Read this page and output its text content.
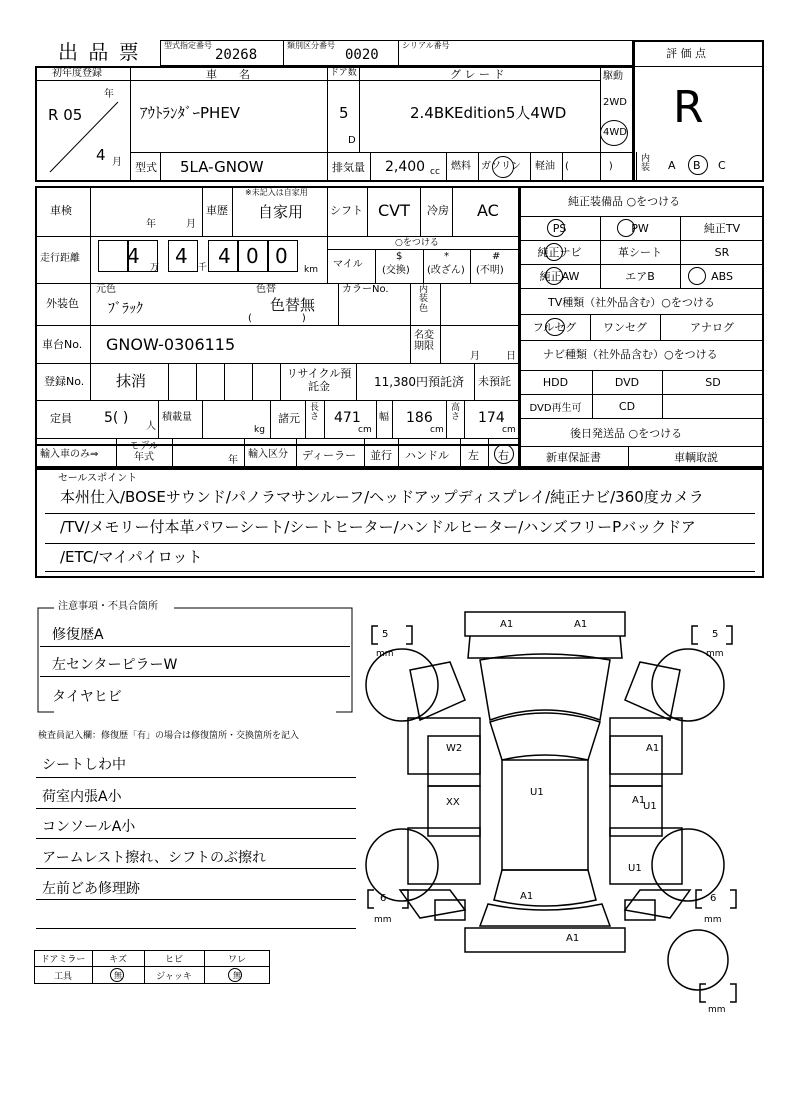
出 品 票	型式指定番号
20268
類別区分番号
0020
シリアル番号
評 価 点
R
初年度登録
R 05
年
4 月
車　　名
ｱｳﾄﾗﾝﾀﾞｰPHEV
ドア数
5
D
グ レ ー ド
2.4BKEdition5人4WD
駆動
2WD
4WD
型式 5LA-GNOW	排気量 2,400 cc 燃料 ガソリン 軽油 (　　　　)
内装 A B C
車検
年	月
車歴
※未記入は自家用
自家用 シフト CVT 冷房 AC
走行距離 4 万 4 千 4 0 0
km
○をつける
マイル
$
(交換)
*
(改ざん)
#
(不明)
外装色
元色
ﾌﾞﾗｯｸ
色替
色替無
(　　　　　)
カラーNo.	内装色
車台No. GNOW-0306115	名変期限
月	日
登録No. 抹消	リサイクル預託金	11,380円預託済 未預託
定員 5( )
人
積載量
kg
諸元
長さ 471
cm
幅 186
cm
高さ 174
cm
輸入車のみ⇒
モデル年式	年
輸入区分 ディーラー 並行 ハンドル 左 右
純正装備品 ○をつける
PS	PW	純正TV
純正ナビ	革シート	SR
純正AW	エアB	ABS
TV種類（社外品含む）○をつける
フルセグ	ワンセグ	アナログ
ナビ種類（社外品含む）○をつける
HDD	DVD	SD
DVD再生可	CD
後日発送品 ○をつける
新車保証書	車輌取説
セールスポイント
本州仕入/BOSEサウンド/パノラマサンルーフ/ヘッドアップディスプレイ/純正ナビ/360度カメラ
/TV/メモリー付本革パワーシート/シートヒーター/ハンドルヒーター/ハンズフリーPバックドア
/ETC/マイパイロット
注意事項・不具合箇所
修復歴A
左センターピラーW
タイヤヒビ
検査員記入欄：修復歴「有」の場合は修復箇所・交換箇所を記入
シートしわ中
荷室内張A小
コンソールA小
アームレスト擦れ、シフトのぶ擦れ
左前どあ修理跡
ドアミラー	キズ	ヒビ	ワレ
工具	無	ジャッキ	無
A1	A1
W2	A1
XX
U1
A1
U1
U1
A1
A1
5
mm
5
mm
6
mm
6
mm
mm
